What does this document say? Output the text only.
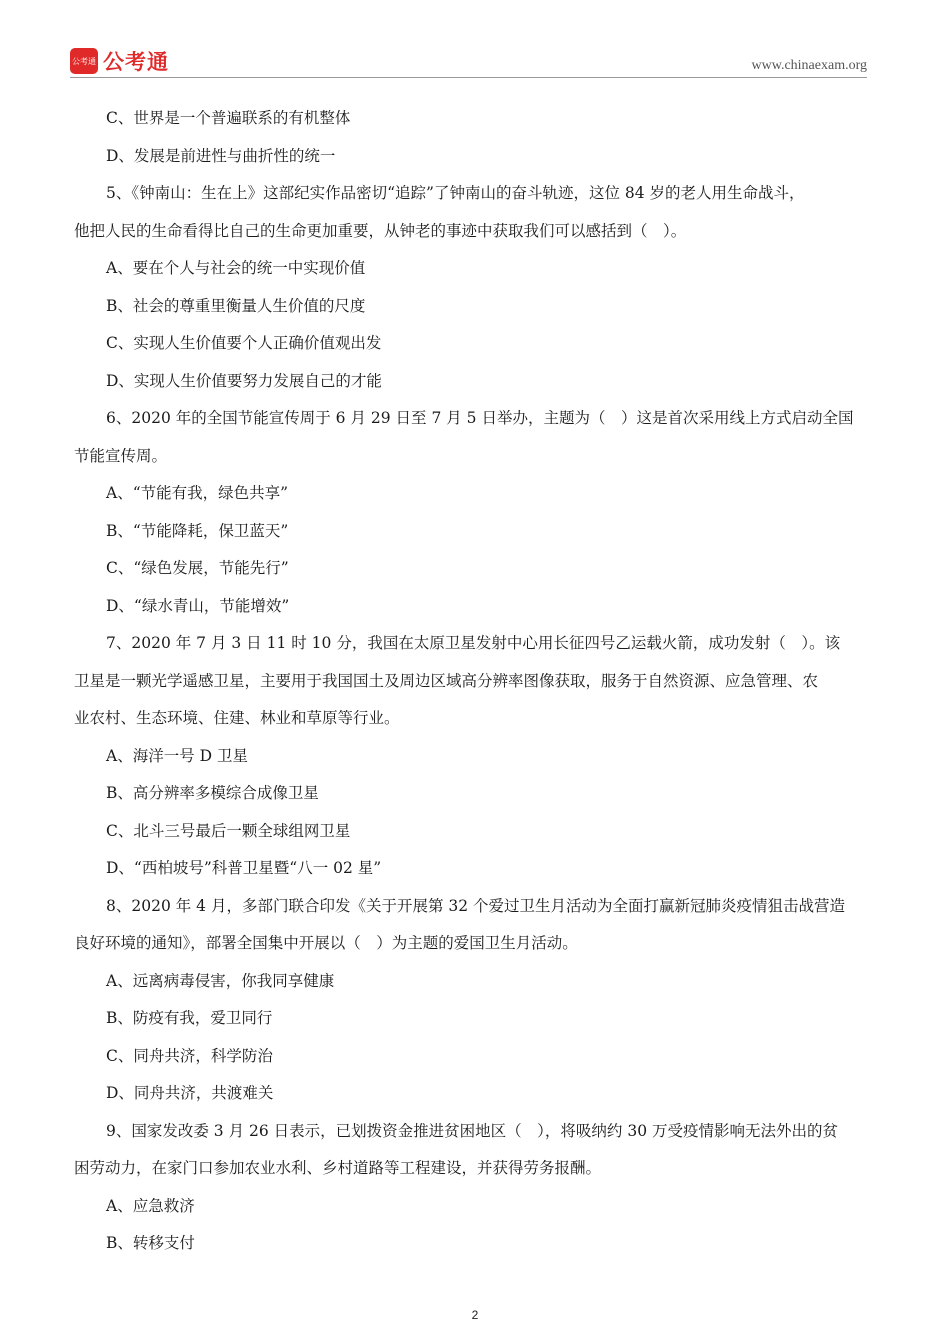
公考通 公考通	www.chinaexam.org
C、世界是一个普遍联系的有机整体
D、发展是前进性与曲折性的统一
5、《钟南山：生在上》这部纪实作品密切“追踪”了钟南山的奋斗轨迹，这位 84 岁的老人用生命战斗，
他把人民的生命看得比自己的生命更加重要，从钟老的事迹中获取我们可以感括到（　）。
A、要在个人与社会的统一中实现价值
B、社会的尊重里衡量人生价值的尺度
C、实现人生价值要个人正确价值观出发
D、实现人生价值要努力发展自己的才能
6、2020 年的全国节能宣传周于 6 月 29 日至 7 月 5 日举办，主题为（　）这是首次采用线上方式启动全国
节能宣传周。
A、“节能有我，绿色共享”
B、“节能降耗，保卫蓝天”
C、“绿色发展，节能先行”
D、“绿水青山，节能增效”
7、2020 年 7 月 3 日 11 时 10 分，我国在太原卫星发射中心用长征四号乙运载火箭，成功发射（　）。该
卫星是一颗光学遥感卫星，主要用于我国国土及周边区域高分辨率图像获取，服务于自然资源、应急管理、农
业农村、生态环境、住建、林业和草原等行业。
A、海洋一号 D 卫星
B、高分辨率多模综合成像卫星
C、北斗三号最后一颗全球组网卫星
D、“西柏坡号”科普卫星暨“八一 02 星”
8、2020 年 4 月，多部门联合印发《关于开展第 32 个爱过卫生月活动为全面打赢新冠肺炎疫情狙击战营造
良好环境的通知》，部署全国集中开展以（　）为主题的爱国卫生月活动。
A、远离病毒侵害，你我同享健康
B、防疫有我，爱卫同行
C、同舟共济，科学防治
D、同舟共济，共渡难关
9、国家发改委 3 月 26 日表示，已划拨资金推进贫困地区（　），将吸纳约 30 万受疫情影响无法外出的贫
困劳动力，在家门口参加农业水利、乡村道路等工程建设，并获得劳务报酬。
A、应急救济
B、转移支付
2
